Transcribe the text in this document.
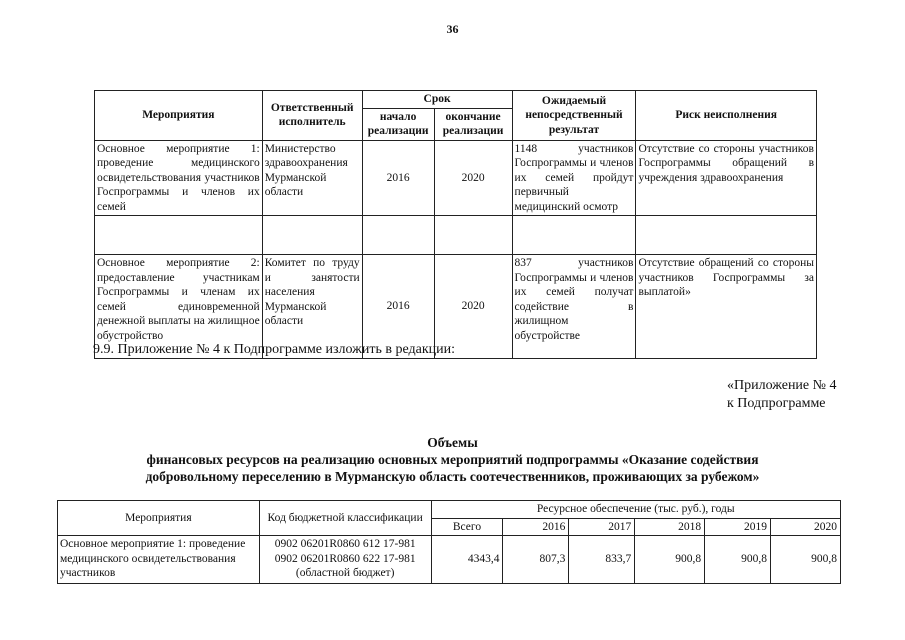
36
Мероприятия	Ответственный исполнитель	Срок		Ожидаемый непосредственный результат	Риск неисполнения
		начало реализации	окончание реализации		
Основное мероприятие 1: проведение медицинского освидетельствования участников Госпрограммы и членов их семей	Министерство здравоохранения Мурманской области	2016	2020	1148 участников Госпрограммы и членов их семей пройдут первичный медицинский осмотр	Отсутствие со стороны участников Госпрограммы обращений в учреждения здравоохранения

Основное мероприятие 2: предоставление участникам Госпрограммы и членам их семей единовременной денежной выплаты на жилищное обустройство	Комитет по труду и занятости населения Мурманской области	2016	2020	837 участников Госпрограммы и членов их семей получат содействие в жилищном обустройстве	Отсутствие обращений со стороны участников Госпрограммы за выплатой»
9.9. Приложение № 4 к Подпрограмме изложить в редакции:
«Приложение № 4
к Подпрограмме
Объемы
финансовых ресурсов на реализацию основных мероприятий подпрограммы «Оказание содействия
добровольному переселению в Мурманскую область соотечественников, проживающих за рубежом»
Мероприятия	Код бюджетной классификации	Ресурсное обеспечение (тыс. руб.), годы					
		Всего	2016	2017	2018	2019	2020
Основное мероприятие 1: проведение медицинского освидетельствования участников	0902 06201R0860 612 17-981
0902 06201R0860 622 17-981
(областной бюджет)	4343,4	807,3	833,7	900,8	900,8	900,8
